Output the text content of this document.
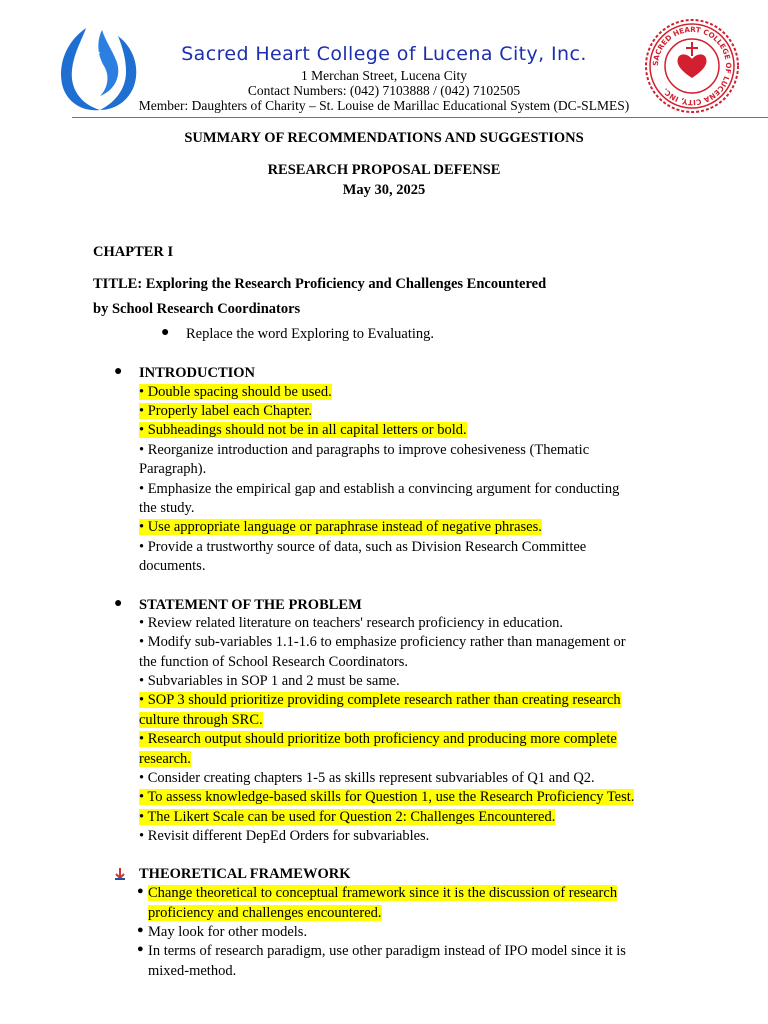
Sacred Heart College of Lucena City, Inc.
1 Merchan Street, Lucena City
Contact Numbers: (042) 7103888 / (042) 7102505
Member: Daughters of Charity – St. Louise de Marillac Educational System (DC-SLMES)
SACRED HEART COLLEGE OF LUCENA CITY, INC.
SUMMARY OF RECOMMENDATIONS AND SUGGESTIONS
RESEARCH PROPOSAL DEFENSE
May 30, 2025
CHAPTER I
TITLE: Exploring the Research Proficiency and Challenges Encountered
by School Research Coordinators
● Replace the word Exploring to Evaluating.
● INTRODUCTION
• Double spacing should be used.
• Properly label each Chapter.
• Subheadings should not be in all capital letters or bold.
• Reorganize introduction and paragraphs to improve cohesiveness (Thematic
Paragraph).
• Emphasize the empirical gap and establish a convincing argument for conducting
the study.
• Use appropriate language or paraphrase instead of negative phrases.
• Provide a trustworthy source of data, such as Division Research Committee
documents.
● STATEMENT OF THE PROBLEM
• Review related literature on teachers' research proficiency in education.
• Modify sub-variables 1.1-1.6 to emphasize proficiency rather than management or
the function of School Research Coordinators.
• Subvariables in SOP 1 and 2 must be same.
• SOP 3 should prioritize providing complete research rather than creating research
culture through SRC.
• Research output should prioritize both proficiency and producing more complete
research.
• Consider creating chapters 1-5 as skills represent subvariables of Q1 and Q2.
• To assess knowledge-based skills for Question 1, use the Research Proficiency Test.
• The Likert Scale can be used for Question 2: Challenges Encountered.
• Revisit different DepEd Orders for subvariables.
THEORETICAL FRAMEWORK
● Change theoretical to conceptual framework since it is the discussion of research
proficiency and challenges encountered.
● May look for other models.
● In terms of research paradigm, use other paradigm instead of IPO model since it is
mixed-method.
